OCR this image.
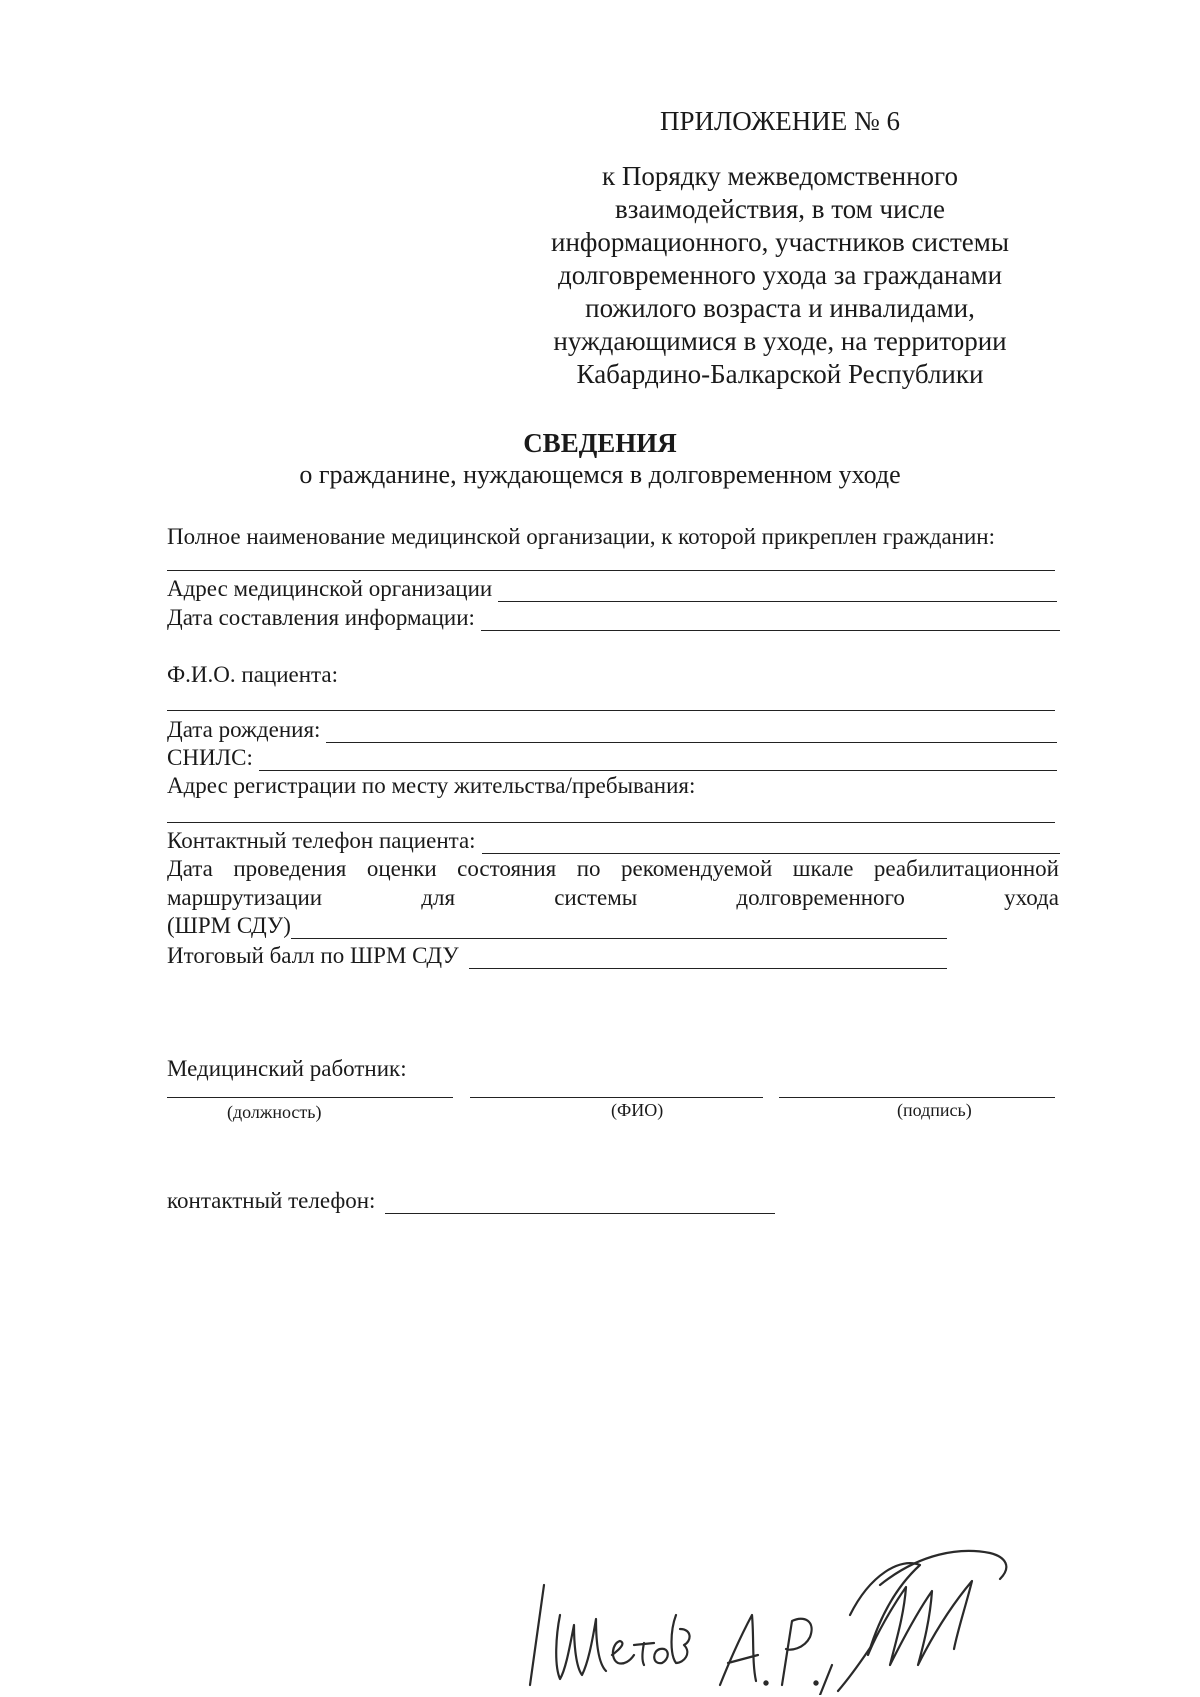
ПРИЛОЖЕНИЕ № 6
к Порядку межведомственного
взаимодействия, в том числе
информационного, участников системы
долговременного ухода за гражданами
пожилого возраста и инвалидами,
нуждающимися в уходе, на территории
Кабардино-Балкарской Республики
СВЕДЕНИЯ
о гражданине, нуждающемся в долговременном уходе
Полное наименование медицинской организации, к которой прикреплен гражданин:
Адрес медицинской организации
Дата составления информации:
Ф.И.О. пациента:
Дата рождения:
СНИЛС:
Адрес регистрации по месту жительства/пребывания:
Контактный телефон пациента:
Дата проведения оценки состояния по рекомендуемой шкале реабилитационной
маршрутизации	для	системы	долговременного	ухода
(ШРМ СДУ)
Итоговый балл по ШРМ СДУ
Медицинский работник:
(должность)	(ФИО)	(подпись)
контактный телефон:
